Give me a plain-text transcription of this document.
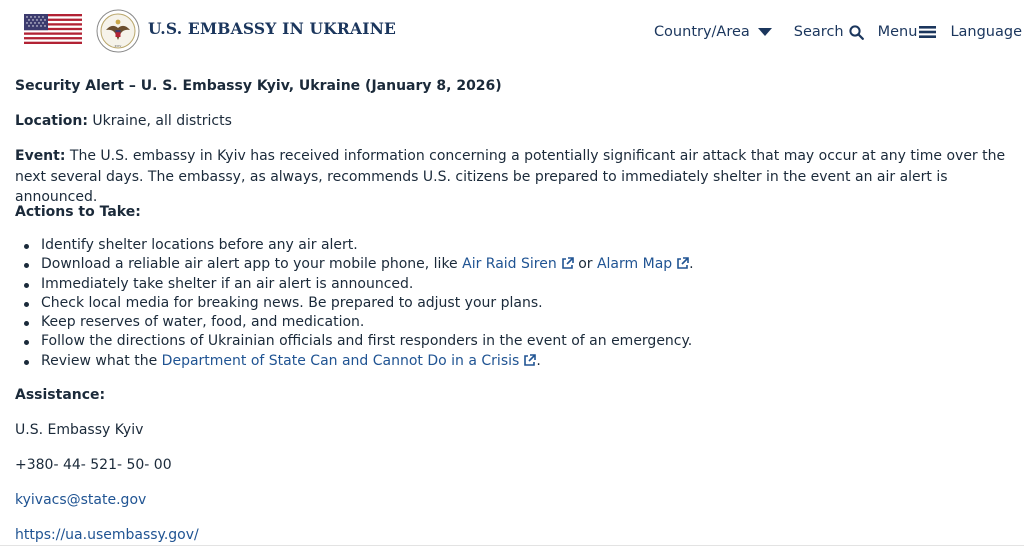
KYIV
U.S. EMBASSY IN UKRAINE	Country/Area	Search Menu Language

Security Alert – U. S. Embassy Kyiv, Ukraine (January 8, 2026)

Location: Ukraine, all districts

Event: The U.S. embassy in Kyiv has received information concerning a potentially significant air attack that may occur at any time over the next several days. The embassy, as always, recommends U.S. citizens be prepared to immediately shelter in the event an air alert is announced.

Actions to Take:

Identify shelter locations before any air alert.
Download a reliable air alert app to your mobile phone, like Air Raid Siren or Alarm Map .
Immediately take shelter if an air alert is announced.
Check local media for breaking news. Be prepared to adjust your plans.
Keep reserves of water, food, and medication.
Follow the directions of Ukrainian officials and first responders in the event of an emergency.
Review what the Department of State Can and Cannot Do in a Crisis .

Assistance:

U.S. Embassy Kyiv

+380- 44- 521- 50- 00

kyivacs@state.gov

https://ua.usembassy.gov/
